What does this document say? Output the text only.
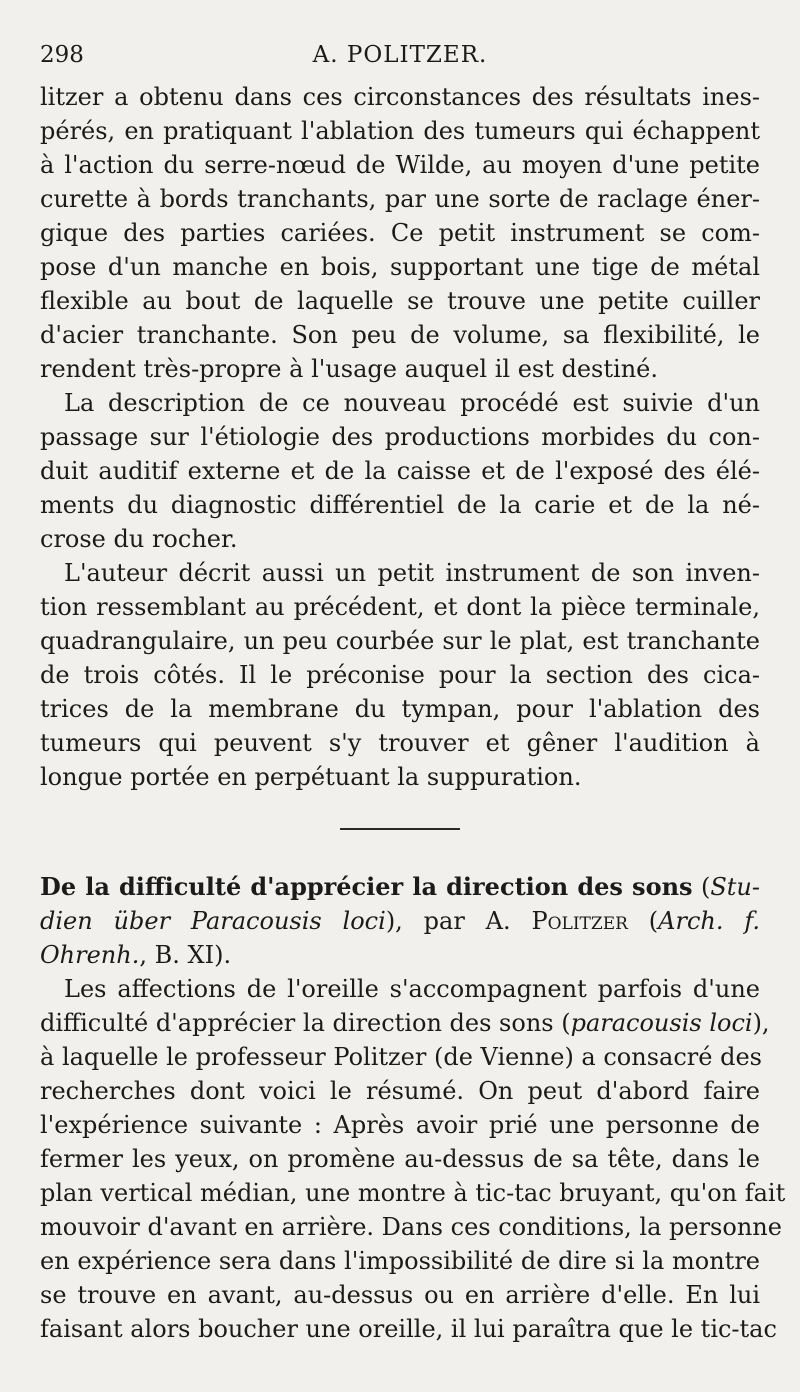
298	A. POLITZER.
litzer a obtenu dans ces circonstances des résultats ines-
pérés, en pratiquant l'ablation des tumeurs qui échappent
à l'action du serre-nœud de Wilde, au moyen d'une petite
curette à bords tranchants, par une sorte de raclage éner-
gique des parties cariées. Ce petit instrument se com-
pose d'un manche en bois, supportant une tige de métal
flexible au bout de laquelle se trouve une petite cuiller
d'acier tranchante. Son peu de volume, sa flexibilité, le
rendent très-propre à l'usage auquel il est destiné.
La description de ce nouveau procédé est suivie d'un
passage sur l'étiologie des productions morbides du con-
duit auditif externe et de la caisse et de l'exposé des élé-
ments du diagnostic différentiel de la carie et de la né-
crose du rocher.
L'auteur décrit aussi un petit instrument de son inven-
tion ressemblant au précédent, et dont la pièce terminale,
quadrangulaire, un peu courbée sur le plat, est tranchante
de trois côtés. Il le préconise pour la section des cica-
trices de la membrane du tympan, pour l'ablation des
tumeurs qui peuvent s'y trouver et gêner l'audition à
longue portée en perpétuant la suppuration.
De la difficulté d'apprécier la direction des sons (Stu-
dien über Paracousis loci), par A. Politzer (Arch. f.
Ohrenh., B. XI).
Les affections de l'oreille s'accompagnent parfois d'une
difficulté d'apprécier la direction des sons (paracousis loci),
à laquelle le professeur Politzer (de Vienne) a consacré des
recherches dont voici le résumé. On peut d'abord faire
l'expérience suivante : Après avoir prié une personne de
fermer les yeux, on promène au-dessus de sa tête, dans le
plan vertical médian, une montre à tic-tac bruyant, qu'on fait
mouvoir d'avant en arrière. Dans ces conditions, la personne
en expérience sera dans l'impossibilité de dire si la montre
se trouve en avant, au-dessus ou en arrière d'elle. En lui
faisant alors boucher une oreille, il lui paraîtra que le tic-tac
